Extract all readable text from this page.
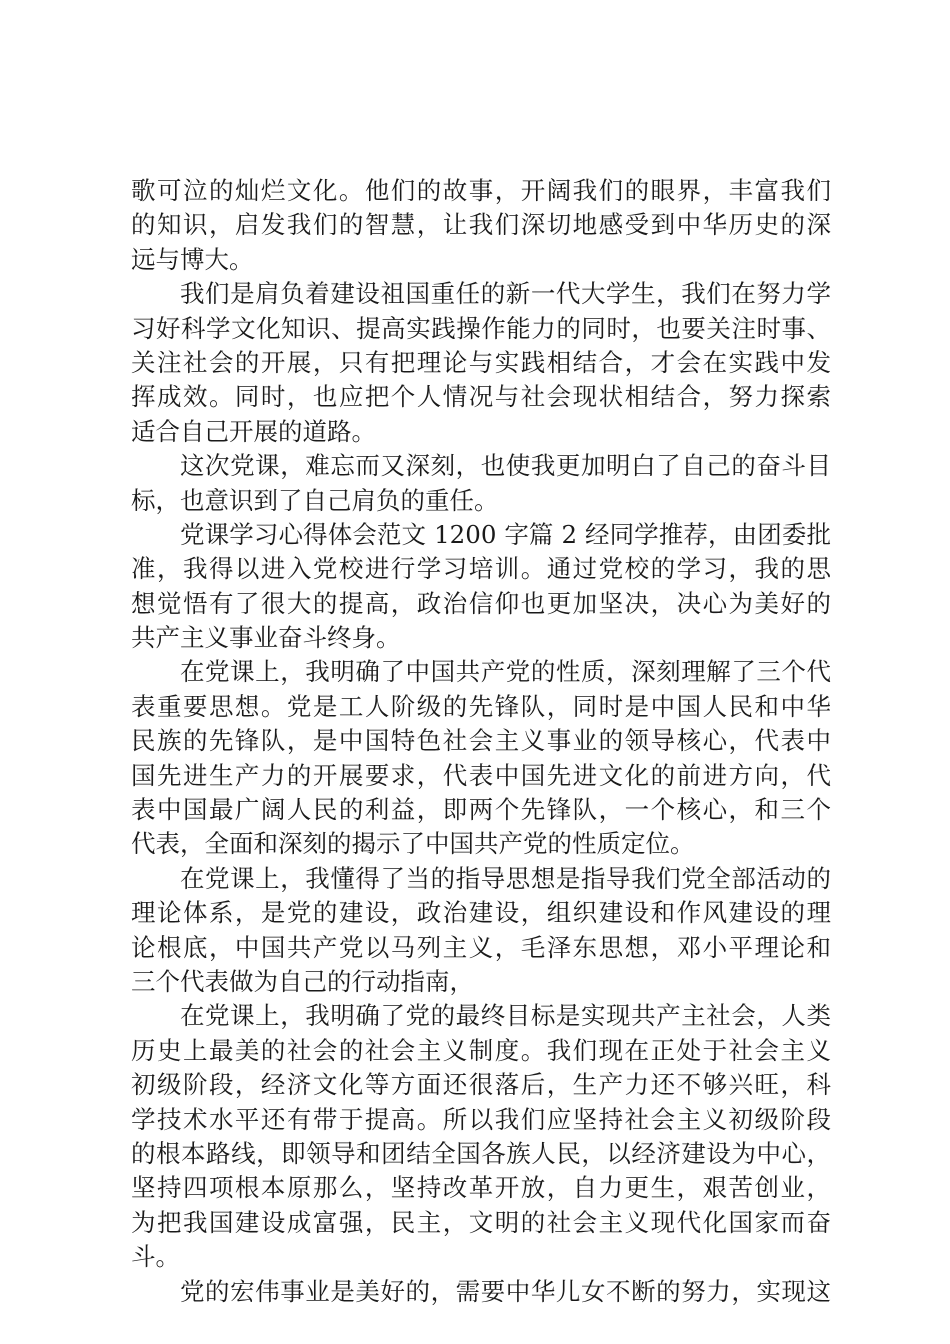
歌可泣的灿烂文化。他们的故事，开阔我们的眼界，丰富我们
的知识，启发我们的智慧，让我们深切地感受到中华历史的深
远与博大。
我们是肩负着建设祖国重任的新一代大学生，我们在努力学
习好科学文化知识、提高实践操作能力的同时，也要关注时事、
关注社会的开展，只有把理论与实践相结合，才会在实践中发
挥成效。同时，也应把个人情况与社会现状相结合，努力探索
适合自己开展的道路。
这次党课，难忘而又深刻，也使我更加明白了自己的奋斗目
标，也意识到了自己肩负的重任。
党课学习心得体会范文 1200 字篇 2 经同学推荐，由团委批
准，我得以进入党校进行学习培训。通过党校的学习，我的思
想觉悟有了很大的提高，政治信仰也更加坚决，决心为美好的
共产主义事业奋斗终身。
在党课上，我明确了中国共产党的性质，深刻理解了三个代
表重要思想。党是工人阶级的先锋队，同时是中国人民和中华
民族的先锋队，是中国特色社会主义事业的领导核心，代表中
国先进生产力的开展要求，代表中国先进文化的前进方向，代
表中国最广阔人民的利益，即两个先锋队，一个核心，和三个
代表，全面和深刻的揭示了中国共产党的性质定位。
在党课上，我懂得了当的指导思想是指导我们党全部活动的
理论体系，是党的建设，政治建设，组织建设和作风建设的理
论根底，中国共产党以马列主义，毛泽东思想，邓小平理论和
三个代表做为自己的行动指南，
在党课上，我明确了党的最终目标是实现共产主社会，人类
历史上最美的社会的社会主义制度。我们现在正处于社会主义
初级阶段，经济文化等方面还很落后，生产力还不够兴旺，科
学技术水平还有带于提高。所以我们应坚持社会主义初级阶段
的根本路线，即领导和团结全国各族人民，以经济建设为中心，
坚持四项根本原那么，坚持改革开放，自力更生，艰苦创业，
为把我国建设成富强，民主，文明的社会主义现代化国家而奋
斗。
党的宏伟事业是美好的，需要中华儿女不断的努力，实现这
